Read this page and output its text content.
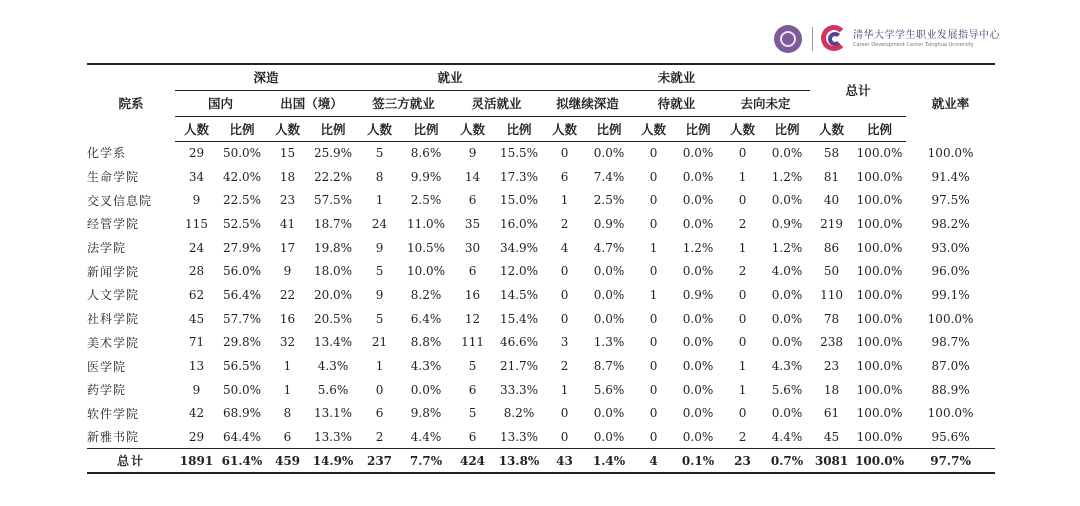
清华大学学生职业发展指导中心
Career Development Center Tsinghua University
院系	深造				就业				未就业						总计		就业率
	国内		出国（境）		签三方就业		灵活就业		拟继续深造		待就业		去向未定				
	人数	比例	人数	比例	人数	比例	人数	比例	人数	比例	人数	比例	人数	比例	人数	比例	
化学系	29	50.0%	15	25.9%	5	8.6%	9	15.5%	0	0.0%	0	0.0%	0	0.0%	58	100.0%	100.0%
生命学院	34	42.0%	18	22.2%	8	9.9%	14	17.3%	6	7.4%	0	0.0%	1	1.2%	81	100.0%	91.4%
交叉信息院	9	22.5%	23	57.5%	1	2.5%	6	15.0%	1	2.5%	0	0.0%	0	0.0%	40	100.0%	97.5%
经管学院	115	52.5%	41	18.7%	24	11.0%	35	16.0%	2	0.9%	0	0.0%	2	0.9%	219	100.0%	98.2%
法学院	24	27.9%	17	19.8%	9	10.5%	30	34.9%	4	4.7%	1	1.2%	1	1.2%	86	100.0%	93.0%
新闻学院	28	56.0%	9	18.0%	5	10.0%	6	12.0%	0	0.0%	0	0.0%	2	4.0%	50	100.0%	96.0%
人文学院	62	56.4%	22	20.0%	9	8.2%	16	14.5%	0	0.0%	1	0.9%	0	0.0%	110	100.0%	99.1%
社科学院	45	57.7%	16	20.5%	5	6.4%	12	15.4%	0	0.0%	0	0.0%	0	0.0%	78	100.0%	100.0%
美术学院	71	29.8%	32	13.4%	21	8.8%	111	46.6%	3	1.3%	0	0.0%	0	0.0%	238	100.0%	98.7%
医学院	13	56.5%	1	4.3%	1	4.3%	5	21.7%	2	8.7%	0	0.0%	1	4.3%	23	100.0%	87.0%
药学院	9	50.0%	1	5.6%	0	0.0%	6	33.3%	1	5.6%	0	0.0%	1	5.6%	18	100.0%	88.9%
软件学院	42	68.9%	8	13.1%	6	9.8%	5	8.2%	0	0.0%	0	0.0%	0	0.0%	61	100.0%	100.0%
新雅书院	29	64.4%	6	13.3%	2	4.4%	6	13.3%	0	0.0%	0	0.0%	2	4.4%	45	100.0%	95.6%
总计	1891	61.4%	459	14.9%	237	7.7%	424	13.8%	43	1.4%	4	0.1%	23	0.7%	3081	100.0%	97.7%
